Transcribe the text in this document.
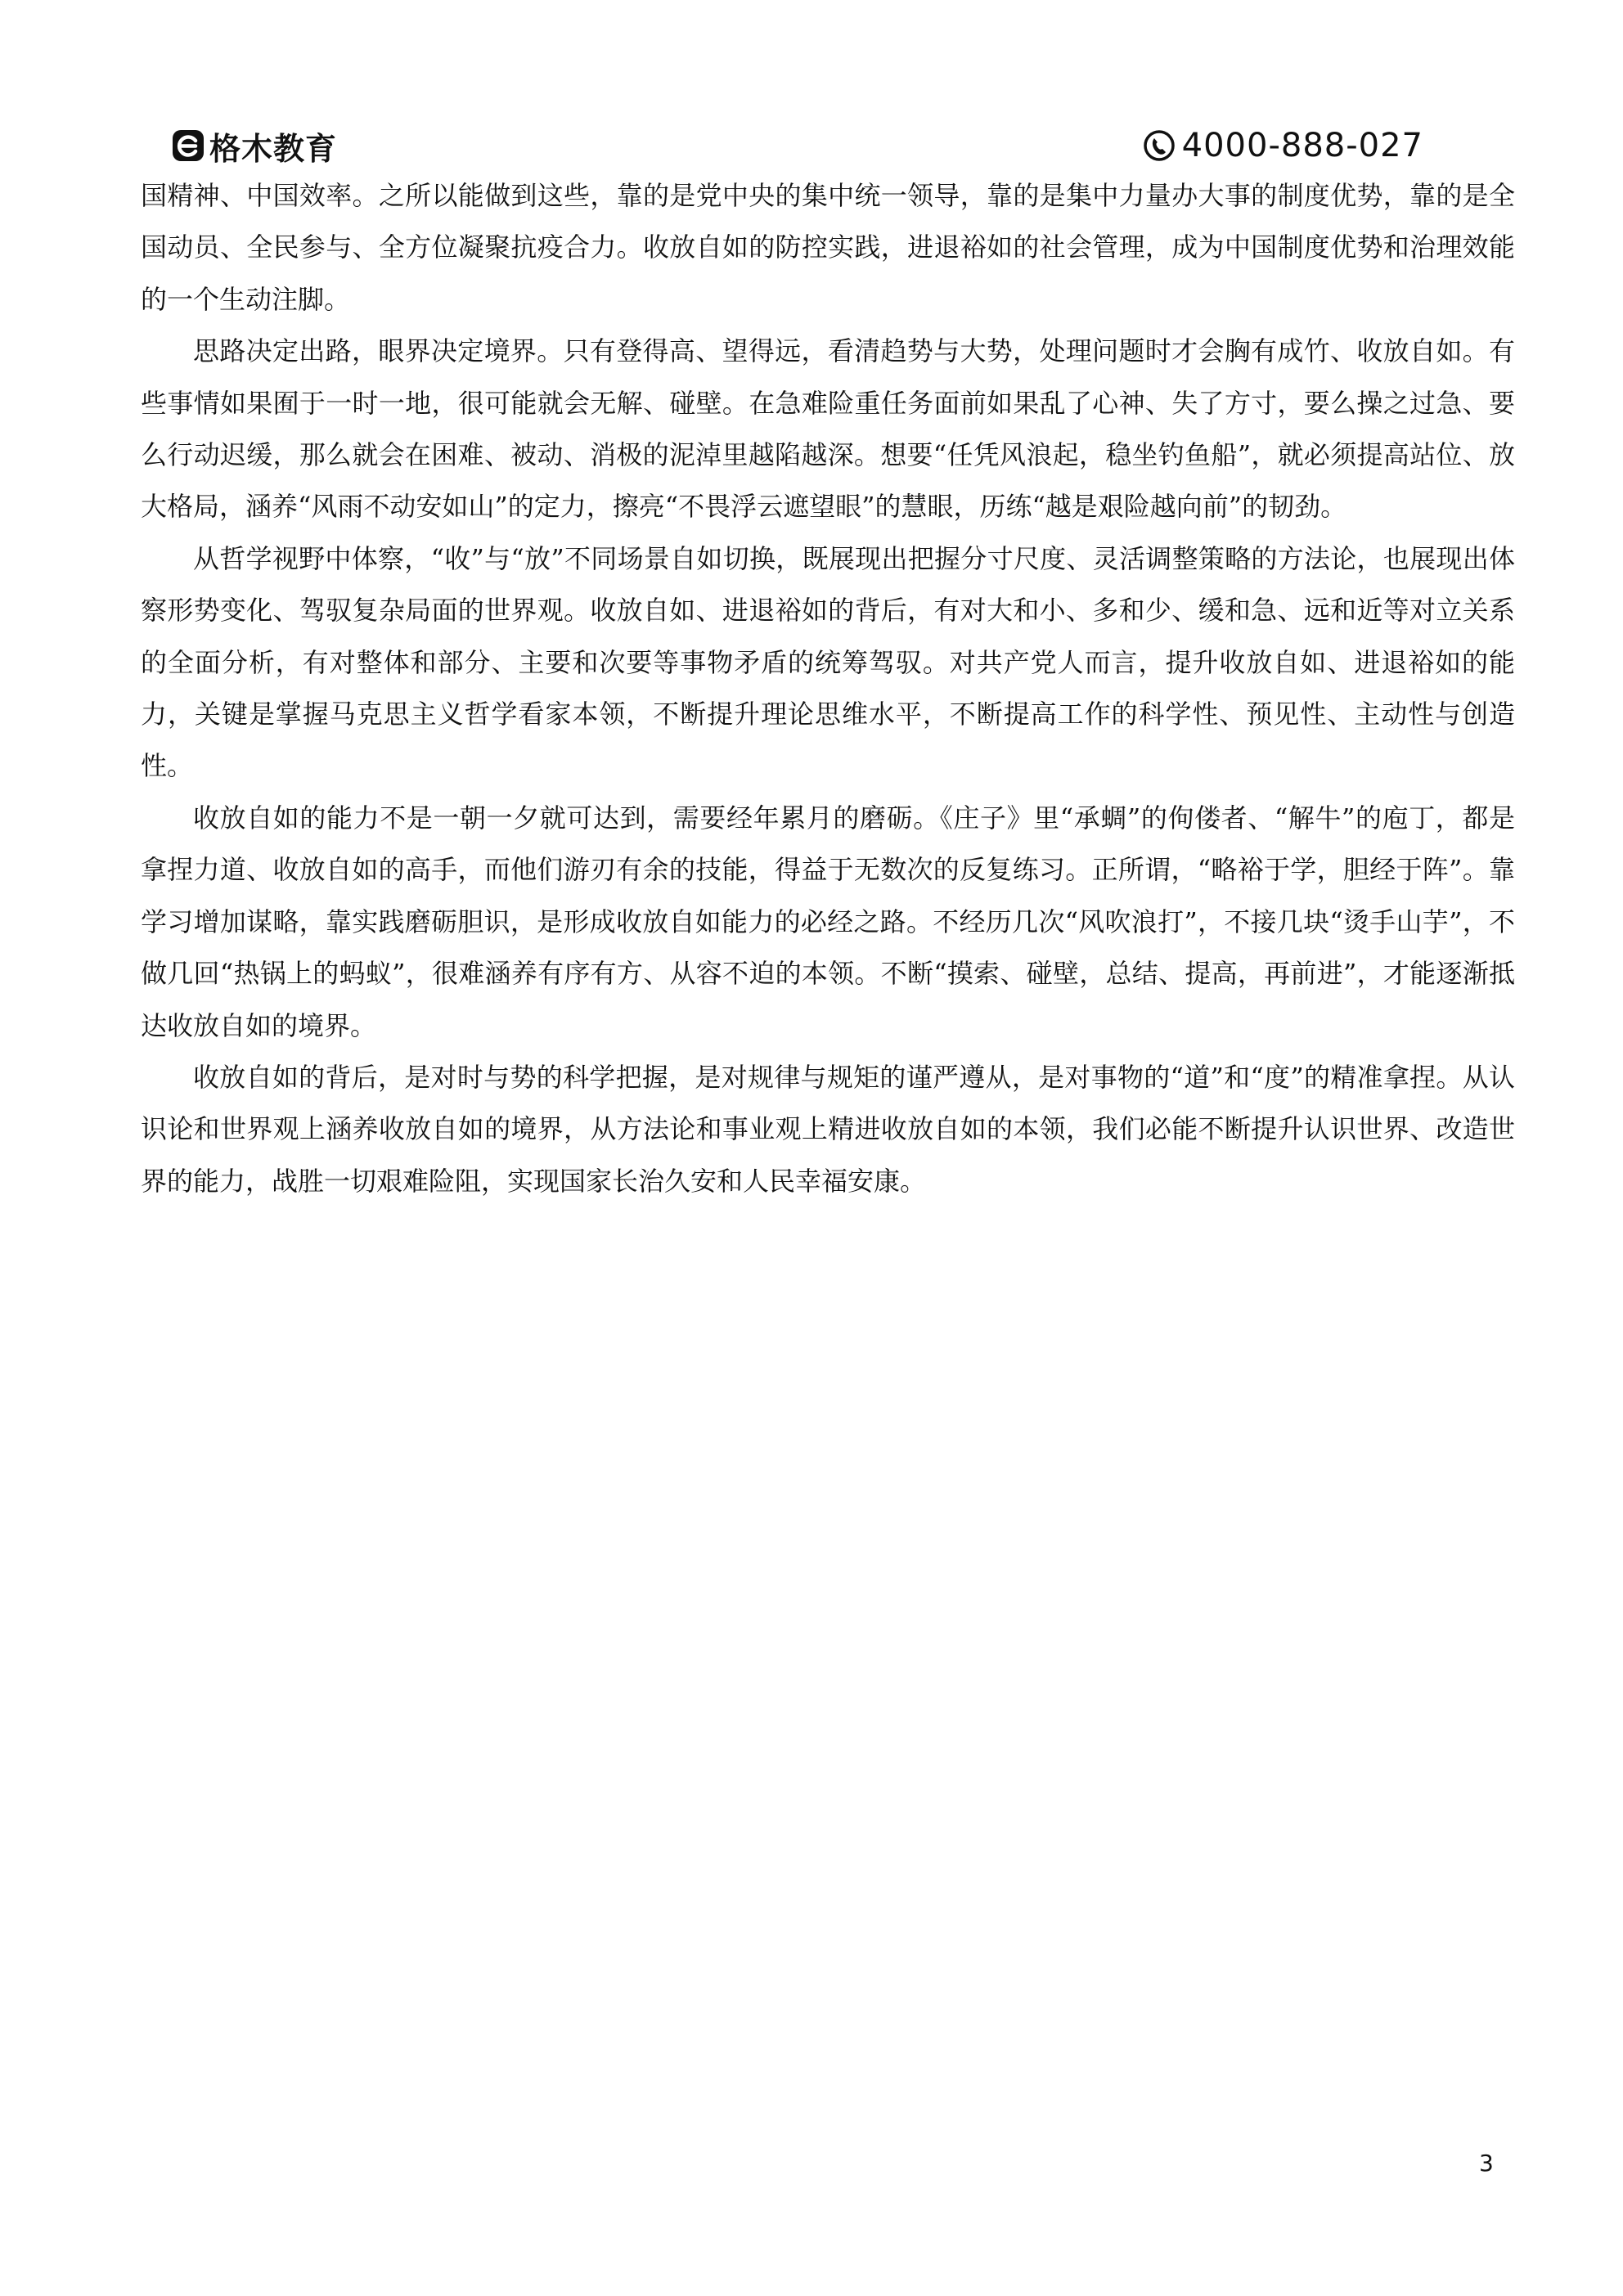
格木教育	4000-888-027

国精神、中国效率。之所以能做到这些，靠的是党中央的集中统一领导，靠的是集中力量办大事的制度优势，靠的是全国动员、全民参与、全方位凝聚抗疫合力。收放自如的防控实践，进退裕如的社会管理，成为中国制度优势和治理效能的一个生动注脚。

思路决定出路，眼界决定境界。只有登得高、望得远，看清趋势与大势，处理问题时才会胸有成竹、收放自如。有些事情如果囿于一时一地，很可能就会无解、碰壁。在急难险重任务面前如果乱了心神、失了方寸，要么操之过急、要么行动迟缓，那么就会在困难、被动、消极的泥淖里越陷越深。想要“任凭风浪起，稳坐钓鱼船”，就必须提高站位、放大格局，涵养“风雨不动安如山”的定力，擦亮“不畏浮云遮望眼”的慧眼，历练“越是艰险越向前”的韧劲。

从哲学视野中体察，“收”与“放”不同场景自如切换，既展现出把握分寸尺度、灵活调整策略的方法论，也展现出体察形势变化、驾驭复杂局面的世界观。收放自如、进退裕如的背后，有对大和小、多和少、缓和急、远和近等对立关系的全面分析，有对整体和部分、主要和次要等事物矛盾的统筹驾驭。对共产党人而言，提升收放自如、进退裕如的能力，关键是掌握马克思主义哲学看家本领，不断提升理论思维水平，不断提高工作的科学性、预见性、主动性与创造性。

收放自如的能力不是一朝一夕就可达到，需要经年累月的磨砺。《庄子》里“承蜩”的佝偻者、“解牛”的庖丁，都是拿捏力道、收放自如的高手，而他们游刃有余的技能，得益于无数次的反复练习。正所谓，“略裕于学，胆经于阵”。靠学习增加谋略，靠实践磨砺胆识，是形成收放自如能力的必经之路。不经历几次“风吹浪打”，不接几块“烫手山芋”，不做几回“热锅上的蚂蚁”，很难涵养有序有方、从容不迫的本领。不断“摸索、碰壁，总结、提高，再前进”，才能逐渐抵达收放自如的境界。

收放自如的背后，是对时与势的科学把握，是对规律与规矩的谨严遵从，是对事物的“道”和“度”的精准拿捏。从认识论和世界观上涵养收放自如的境界，从方法论和事业观上精进收放自如的本领，我们必能不断提升认识世界、改造世界的能力，战胜一切艰难险阻，实现国家长治久安和人民幸福安康。

3
